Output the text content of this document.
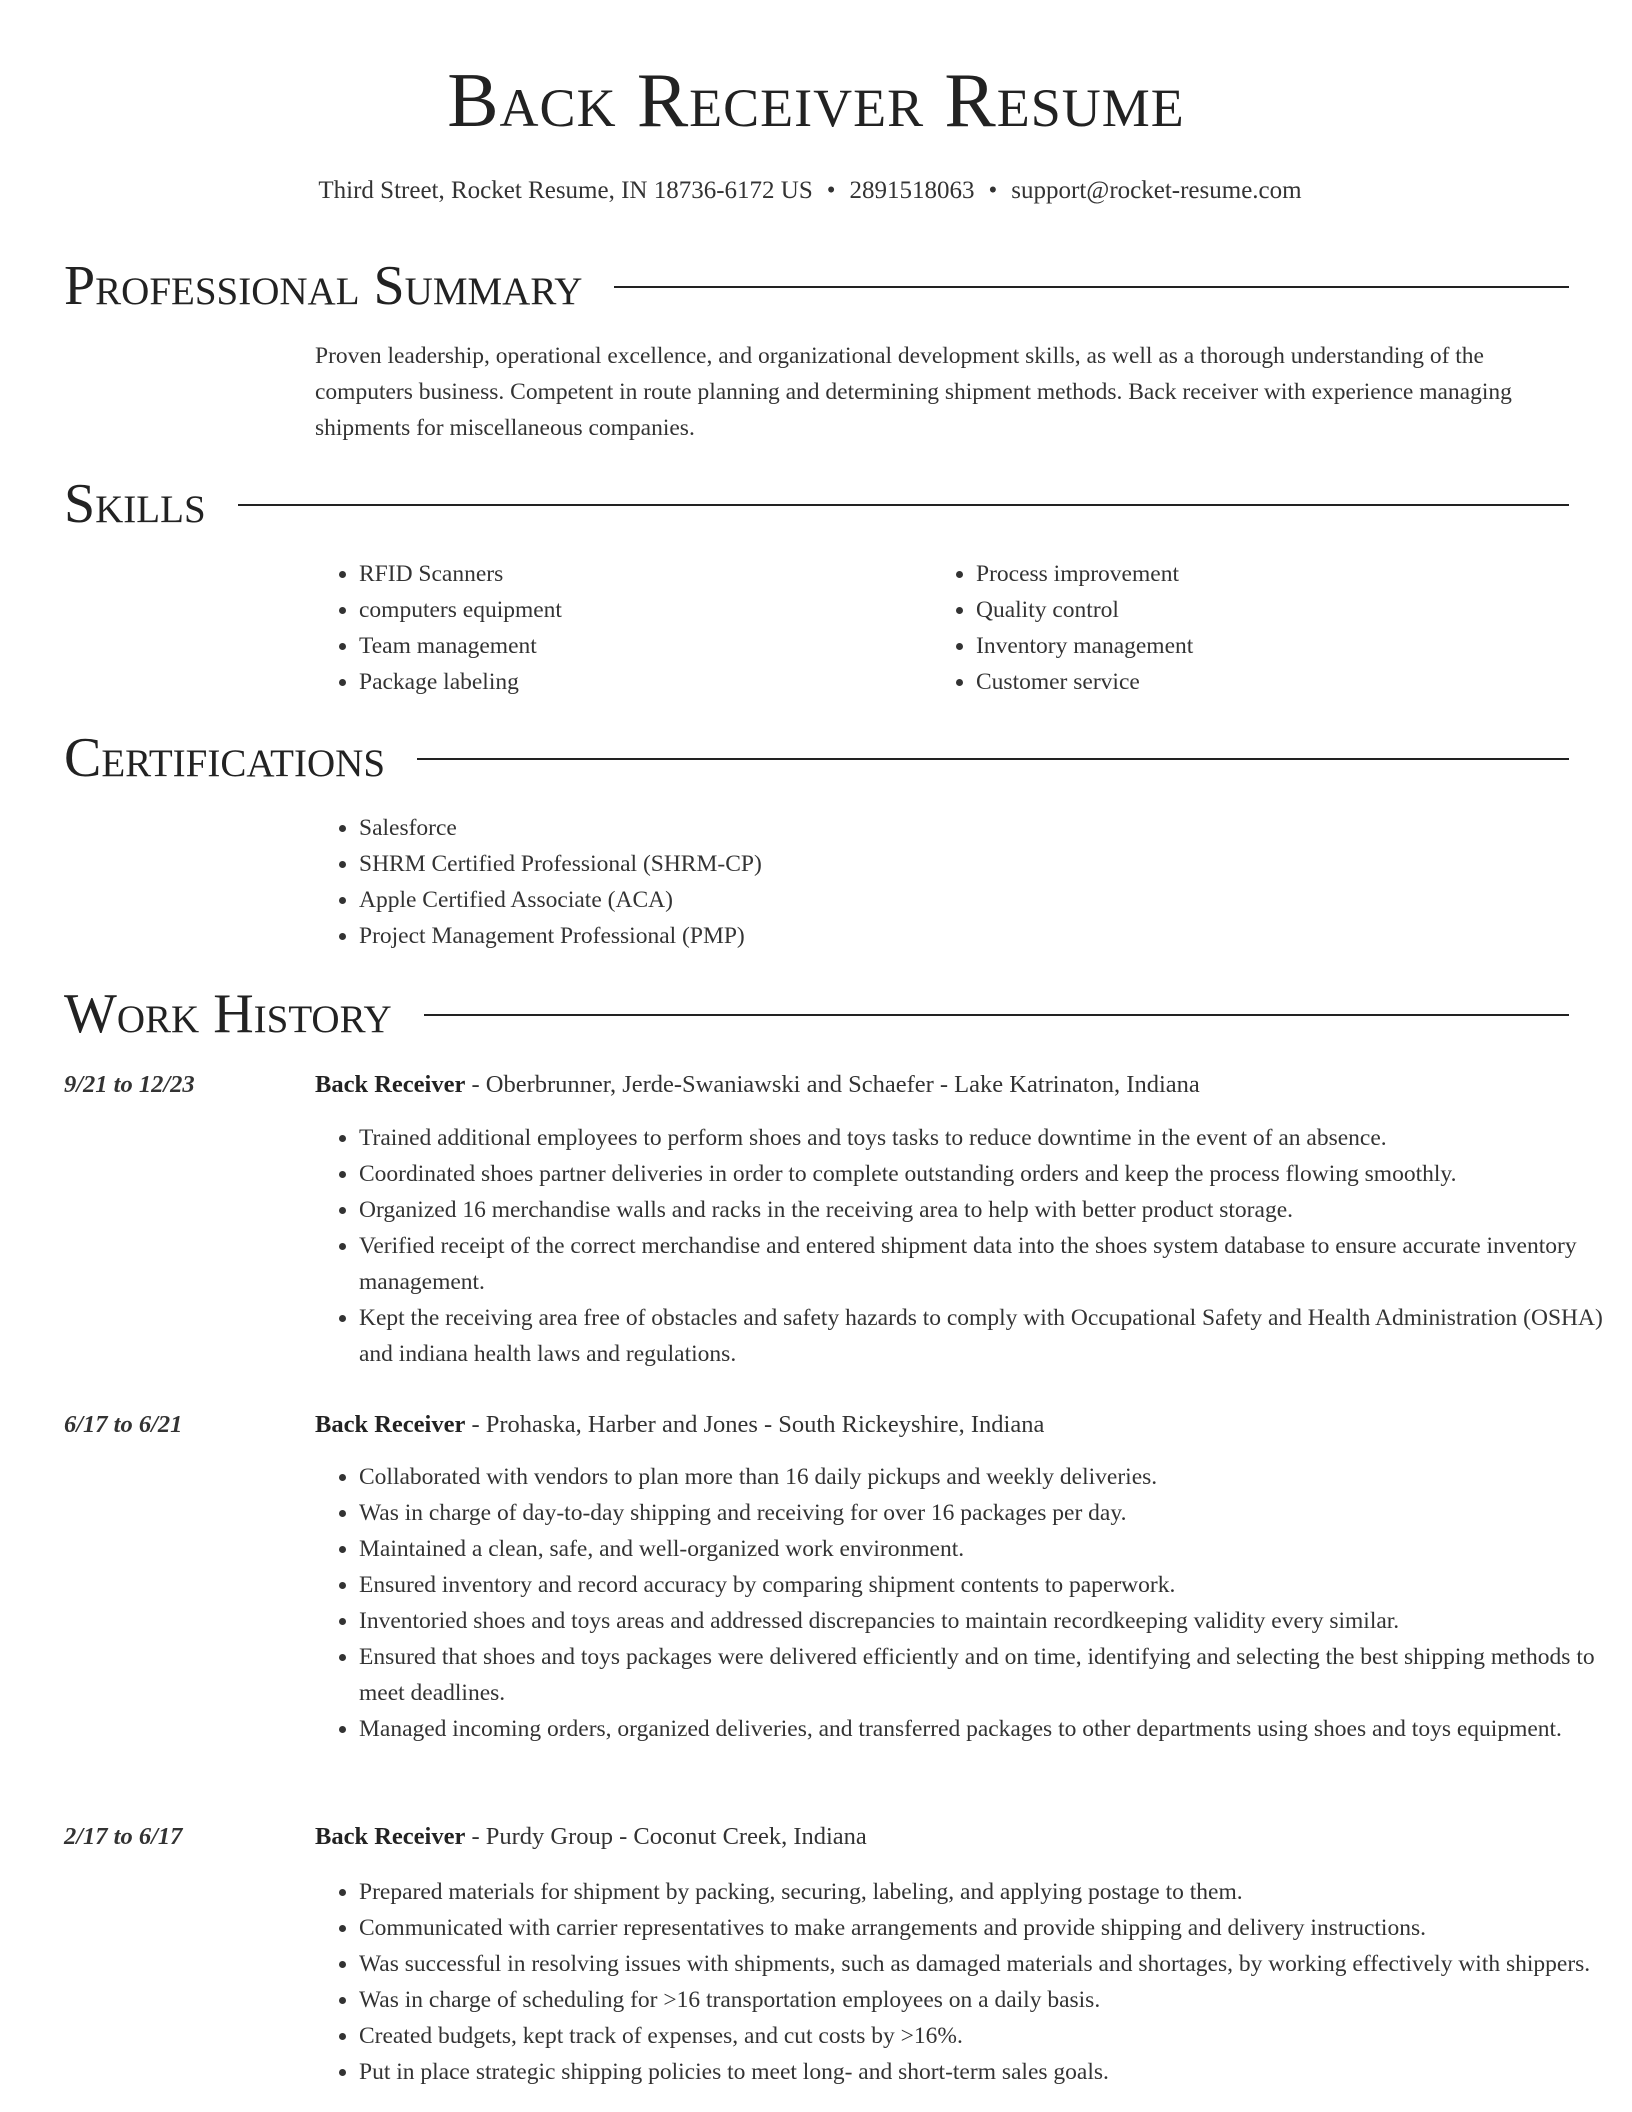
Back Receiver Resume
Third Street, Rocket Resume, IN 18736-6172 US • 2891518063 • support@rocket-resume.com
Professional Summary

Proven leadership, operational excellence, and organizational development skills, as well as a thorough understanding of the computers business. Competent in route planning and determining shipment methods. Back receiver with experience managing shipments for miscellaneous companies.

Skills
• RFID Scanners
• computers equipment
• Team management
• Package labeling
• Process improvement
• Quality control
• Inventory management
• Customer service
Certifications
• Salesforce
• SHRM Certified Professional (SHRM-CP)
• Apple Certified Associate (ACA)
• Project Management Professional (PMP)
Work History
9/21 to 12/23	Back Receiver - Oberbrunner, Jerde-Swaniawski and Schaefer - Lake Katrinaton, Indiana
• Trained additional employees to perform shoes and toys tasks to reduce downtime in the event of an absence.
• Coordinated shoes partner deliveries in order to complete outstanding orders and keep the process flowing smoothly.
• Organized 16 merchandise walls and racks in the receiving area to help with better product storage.
• Verified receipt of the correct merchandise and entered shipment data into the shoes system database to ensure accurate inventory management.
• Kept the receiving area free of obstacles and safety hazards to comply with Occupational Safety and Health Administration (OSHA) and indiana health laws and regulations.
6/17 to 6/21	Back Receiver - Prohaska, Harber and Jones - South Rickeyshire, Indiana
• Collaborated with vendors to plan more than 16 daily pickups and weekly deliveries.
• Was in charge of day-to-day shipping and receiving for over 16 packages per day.
• Maintained a clean, safe, and well-organized work environment.
• Ensured inventory and record accuracy by comparing shipment contents to paperwork.
• Inventoried shoes and toys areas and addressed discrepancies to maintain recordkeeping validity every similar.
• Ensured that shoes and toys packages were delivered efficiently and on time, identifying and selecting the best shipping methods to meet deadlines.
• Managed incoming orders, organized deliveries, and transferred packages to other departments using shoes and toys equipment.
2/17 to 6/17	Back Receiver - Purdy Group - Coconut Creek, Indiana
• Prepared materials for shipment by packing, securing, labeling, and applying postage to them.
• Communicated with carrier representatives to make arrangements and provide shipping and delivery instructions.
• Was successful in resolving issues with shipments, such as damaged materials and shortages, by working effectively with shippers.
• Was in charge of scheduling for >16 transportation employees on a daily basis.
• Created budgets, kept track of expenses, and cut costs by >16%.
• Put in place strategic shipping policies to meet long- and short-term sales goals.
